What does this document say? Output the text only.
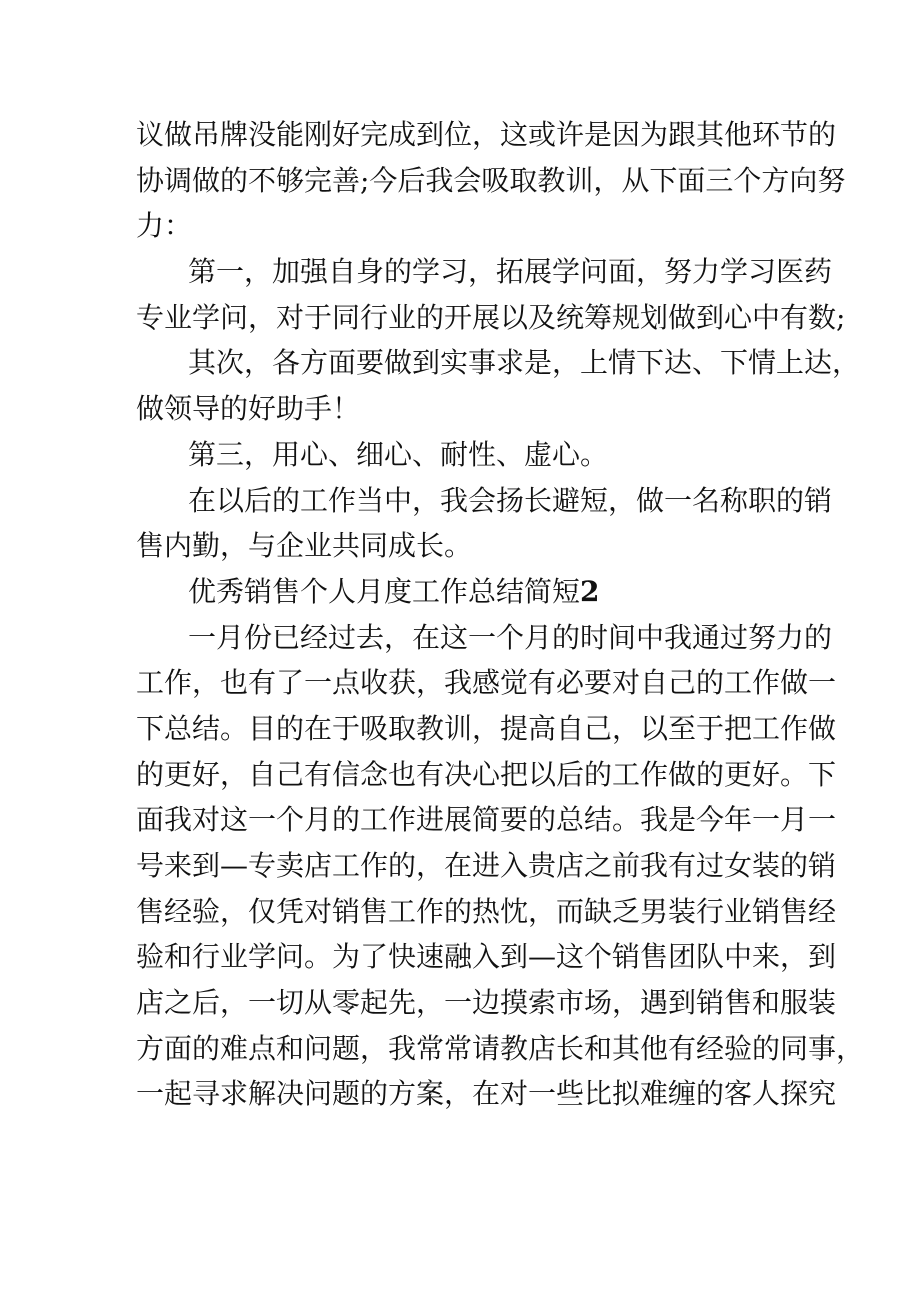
议做吊牌没能刚好完成到位，这或许是因为跟其他环节的
协调做的不够完善;今后我会吸取教训，从下面三个方向努
力：
第一，加强自身的学习，拓展学问面，努力学习医药
专业学问，对于同行业的开展以及统筹规划做到心中有数;
其次，各方面要做到实事求是，上情下达、下情上达，
做领导的好助手！
第三，用心、细心、耐性、虚心。
在以后的工作当中，我会扬长避短，做一名称职的销
售内勤，与企业共同成长。
优秀销售个人月度工作总结简短2
一月份已经过去，在这一个月的时间中我通过努力的
工作，也有了一点收获，我感觉有必要对自己的工作做一
下总结。目的在于吸取教训，提高自己，以至于把工作做
的更好，自己有信念也有决心把以后的工作做的更好。下
面我对这一个月的工作进展简要的总结。我是今年一月一
号来到—专卖店工作的，在进入贵店之前我有过女装的销
售经验，仅凭对销售工作的热忱，而缺乏男装行业销售经
验和行业学问。为了快速融入到—这个销售团队中来，到
店之后，一切从零起先，一边摸索市场，遇到销售和服装
方面的难点和问题，我常常请教店长和其他有经验的同事，
一起寻求解决问题的方案，在对一些比拟难缠的客人探究
